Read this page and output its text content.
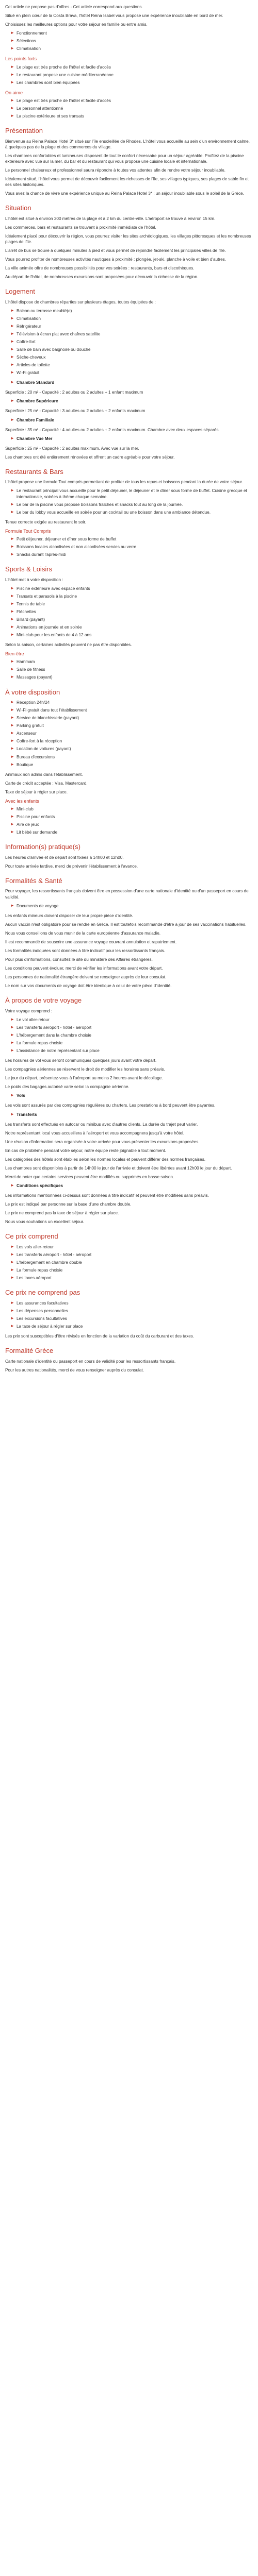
Cet article ne propose pas d'offres - Cet article correspond aux questions.

Situé en plein cœur de la Costa Brava, l'hôtel Reina Isabel vous propose une expérience inoubliable en bord de mer.

Choisissez les meilleures options pour votre séjour en famille ou entre amis.

► Fonctionnement
► Sélections
► Climatisation
Les points forts
► Le plage est très proche de l'hôtel et facile d'accès
► Le restaurant propose une cuisine méditerranéenne
► Les chambres sont bien équipées
On aime
► Le plage est très proche de l'hôtel et facile d'accès
► Le personnel attentionné
► La piscine extérieure et ses transats
Présentation

Bienvenue au Reina Palace Hotel 3* situé sur l'île ensoleillée de Rhodes. L'hôtel vous accueille au sein d'un environnement calme, à quelques pas de la plage et des commerces du village.

Les chambres confortables et lumineuses disposent de tout le confort nécessaire pour un séjour agréable. Profitez de la piscine extérieure avec vue sur la mer, du bar et du restaurant qui vous propose une cuisine locale et internationale.

Le personnel chaleureux et professionnel saura répondre à toutes vos attentes afin de rendre votre séjour inoubliable.

Idéalement situé, l'hôtel vous permet de découvrir facilement les richesses de l'île, ses villages typiques, ses plages de sable fin et ses sites historiques.

Vous avez la chance de vivre une expérience unique au Reina Palace Hotel 3* : un séjour inoubliable sous le soleil de la Grèce.

Situation

L'hôtel est situé à environ 300 mètres de la plage et à 2 km du centre-ville. L'aéroport se trouve à environ 15 km.

Les commerces, bars et restaurants se trouvent à proximité immédiate de l'hôtel.

Idéalement placé pour découvrir la région, vous pourrez visiter les sites archéologiques, les villages pittoresques et les nombreuses plages de l'île.

L'arrêt de bus se trouve à quelques minutes à pied et vous permet de rejoindre facilement les principales villes de l'île.

Vous pourrez profiter de nombreuses activités nautiques à proximité : plongée, jet-ski, planche à voile et bien d'autres.

La ville animée offre de nombreuses possibilités pour vos soirées : restaurants, bars et discothèques.

Au départ de l'hôtel, de nombreuses excursions sont proposées pour découvrir la richesse de la région.

Logement

L'hôtel dispose de chambres réparties sur plusieurs étages, toutes équipées de :

► Balcon ou terrasse meublé(e)
► Climatisation
► Réfrigérateur
► Télévision à écran plat avec chaînes satellite
► Coffre-fort
► Salle de bain avec baignoire ou douche
► Sèche-cheveux
► Articles de toilette
► Wi-Fi gratuit
► Chambre Standard

Superficie : 20 m² - Capacité : 2 adultes ou 2 adultes + 1 enfant maximum

► Chambre Supérieure

Superficie : 25 m² - Capacité : 3 adultes ou 2 adultes + 2 enfants maximum

► Chambre Familiale

Superficie : 35 m² - Capacité : 4 adultes ou 2 adultes + 2 enfants maximum. Chambre avec deux espaces séparés.

► Chambre Vue Mer

Superficie : 25 m² - Capacité : 2 adultes maximum. Avec vue sur la mer.

Les chambres ont été entièrement rénovées et offrent un cadre agréable pour votre séjour.

Restaurants & Bars

L'hôtel propose une formule Tout compris permettant de profiter de tous les repas et boissons pendant la durée de votre séjour.

► Le restaurant principal vous accueille pour le petit déjeuner, le déjeuner et le dîner sous forme de buffet. Cuisine grecque et internationale, soirées à thème chaque semaine.
► Le bar de la piscine vous propose boissons fraîches et snacks tout au long de la journée.
► Le bar du lobby vous accueille en soirée pour un cocktail ou une boisson dans une ambiance détendue.

Tenue correcte exigée au restaurant le soir.

Formule Tout Compris
► Petit déjeuner, déjeuner et dîner sous forme de buffet
► Boissons locales alcoolisées et non alcoolisées servies au verre
► Snacks durant l'après-midi
Sports & Loisirs

L'hôtel met à votre disposition :

► Piscine extérieure avec espace enfants
► Transats et parasols à la piscine
► Tennis de table
► Fléchettes
► Billard (payant)
► Animations en journée et en soirée
► Mini-club pour les enfants de 4 à 12 ans

Selon la saison, certaines activités peuvent ne pas être disponibles.

Bien-être
► Hammam
► Salle de fitness
► Massages (payant)
À votre disposition
► Réception 24h/24
► Wi-Fi gratuit dans tout l'établissement
► Service de blanchisserie (payant)
► Parking gratuit
► Ascenseur
► Coffre-fort à la réception
► Location de voitures (payant)
► Bureau d'excursions
► Boutique

Animaux non admis dans l'établissement.

Carte de crédit acceptée : Visa, Mastercard.

Taxe de séjour à régler sur place.

Avec les enfants
► Mini-club
► Piscine pour enfants
► Aire de jeux
► Lit bébé sur demande
Information(s) pratique(s)

Les heures d'arrivée et de départ sont fixées à 14h00 et 12h00.

Pour toute arrivée tardive, merci de prévenir l'établissement à l'avance.

Formalités & Santé

Pour voyager, les ressortissants français doivent être en possession d'une carte nationale d'identité ou d'un passeport en cours de validité.

► Documents de voyage

Les enfants mineurs doivent disposer de leur propre pièce d'identité.

Aucun vaccin n'est obligatoire pour se rendre en Grèce. Il est toutefois recommandé d'être à jour de ses vaccinations habituelles.

Nous vous conseillons de vous munir de la carte européenne d'assurance maladie.

Il est recommandé de souscrire une assurance voyage couvrant annulation et rapatriement.

Les formalités indiquées sont données à titre indicatif pour les ressortissants français.

Pour plus d'informations, consultez le site du ministère des Affaires étrangères.

Les conditions peuvent évoluer, merci de vérifier les informations avant votre départ.

Les personnes de nationalité étrangère doivent se renseigner auprès de leur consulat.

Le nom sur vos documents de voyage doit être identique à celui de votre pièce d'identité.

À propos de votre voyage

Votre voyage comprend :

► Le vol aller-retour
► Les transferts aéroport - hôtel - aéroport
► L'hébergement dans la chambre choisie
► La formule repas choisie
► L'assistance de notre représentant sur place

Les horaires de vol vous seront communiqués quelques jours avant votre départ.

Les compagnies aériennes se réservent le droit de modifier les horaires sans préavis.

Le jour du départ, présentez-vous à l'aéroport au moins 2 heures avant le décollage.

Le poids des bagages autorisé varie selon la compagnie aérienne.

► Vols

Les vols sont assurés par des compagnies régulières ou charters. Les prestations à bord peuvent être payantes.

► Transferts

Les transferts sont effectués en autocar ou minibus avec d'autres clients. La durée du trajet peut varier.

Notre représentant local vous accueillera à l'aéroport et vous accompagnera jusqu'à votre hôtel.

Une réunion d'information sera organisée à votre arrivée pour vous présenter les excursions proposées.

En cas de problème pendant votre séjour, notre équipe reste joignable à tout moment.

Les catégories des hôtels sont établies selon les normes locales et peuvent différer des normes françaises.

Les chambres sont disponibles à partir de 14h00 le jour de l'arrivée et doivent être libérées avant 12h00 le jour du départ.

Merci de noter que certains services peuvent être modifiés ou supprimés en basse saison.

► Conditions spécifiques

Les informations mentionnées ci-dessus sont données à titre indicatif et peuvent être modifiées sans préavis.

Le prix est indiqué par personne sur la base d'une chambre double.

Le prix ne comprend pas la taxe de séjour à régler sur place.

Nous vous souhaitons un excellent séjour.

Ce prix comprend
► Les vols aller-retour
► Les transferts aéroport - hôtel - aéroport
► L'hébergement en chambre double
► La formule repas choisie
► Les taxes aéroport
Ce prix ne comprend pas
► Les assurances facultatives
► Les dépenses personnelles
► Les excursions facultatives
► La taxe de séjour à régler sur place

Les prix sont susceptibles d'être révisés en fonction de la variation du coût du carburant et des taxes.

Formalité Grèce

Carte nationale d'identité ou passeport en cours de validité pour les ressortissants français.

Pour les autres nationalités, merci de vous renseigner auprès du consulat.
